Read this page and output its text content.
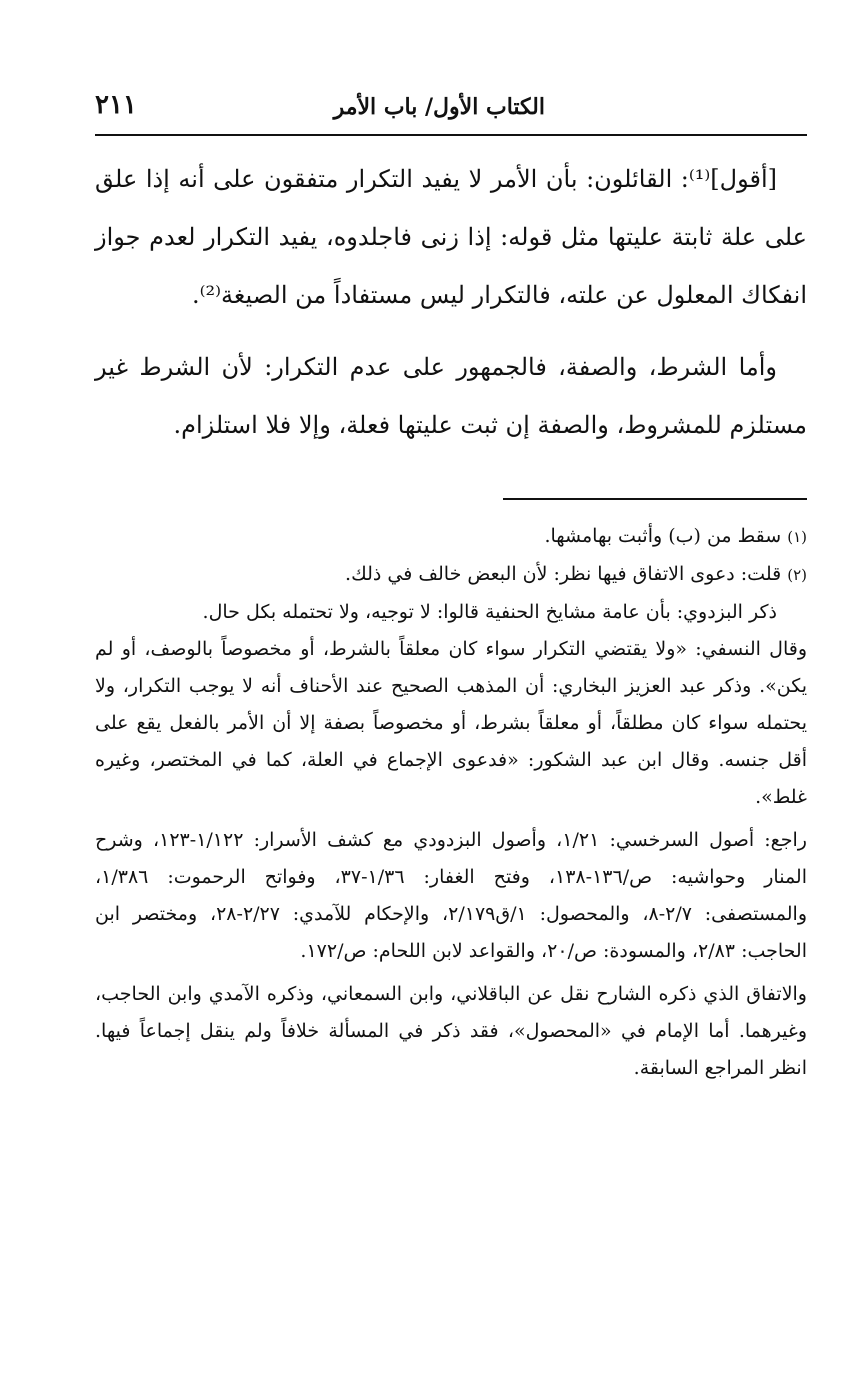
الكتاب الأول/ باب الأمر
٢١١

[أقول]⁽¹⁾: القائلون: بأن الأمر لا يفيد التكرار متفقون على أنه إذا علق على علة ثابتة عليتها مثل قوله: إذا زنى فاجلدوه، يفيد التكرار لعدم جواز انفكاك المعلول عن علته، فالتكرار ليس مستفاداً من الصيغة⁽²⁾.

وأما الشرط، والصفة، فالجمهور على عدم التكرار: لأن الشرط غير مستلزم للمشروط، والصفة إن ثبت عليتها فعلة، وإلا فلا استلزام.

(١)سقط من (ب) وأثبت بهامشها.

(٢)قلت: دعوى الاتفاق فيها نظر: لأن البعض خالف في ذلك.

ذكر البزدوي: بأن عامة مشايخ الحنفية قالوا: لا توجيه، ولا تحتمله بكل حال.

وقال النسفي: «ولا يقتضي التكرار سواء كان معلقاً بالشرط، أو مخصوصاً بالوصف، أو لم يكن». وذكر عبد العزيز البخاري: أن المذهب الصحيح عند الأحناف أنه لا يوجب التكرار، ولا يحتمله سواء كان مطلقاً، أو معلقاً بشرط، أو مخصوصاً بصفة إلا أن الأمر بالفعل يقع على أقل جنسه. وقال ابن عبد الشكور: «فدعوى الإجماع في العلة، كما في المختصر، وغيره غلط».

راجع: أصول السرخسي: ١/٢١، وأصول البزدودي مع كشف الأسرار: ١/١٢٢-١٢٣، وشرح المنار وحواشيه: ص/١٣٦-١٣٨، وفتح الغفار: ١/٣٦-٣٧، وفواتح الرحموت: ١/٣٨٦، والمستصفى: ٢/٧-٨، والمحصول: ١/ق٢/١٧٩، والإحكام للآمدي: ٢/٢٧-٢٨، ومختصر ابن الحاجب: ٢/٨٣، والمسودة: ص/٢٠، والقواعد لابن اللحام: ص/١٧٢.

والاتفاق الذي ذكره الشارح نقل عن الباقلاني، وابن السمعاني، وذكره الآمدي وابن الحاجب، وغيرهما. أما الإمام في «المحصول»، فقد ذكر في المسألة خلافاً ولم ينقل إجماعاً فيها. انظر المراجع السابقة.
